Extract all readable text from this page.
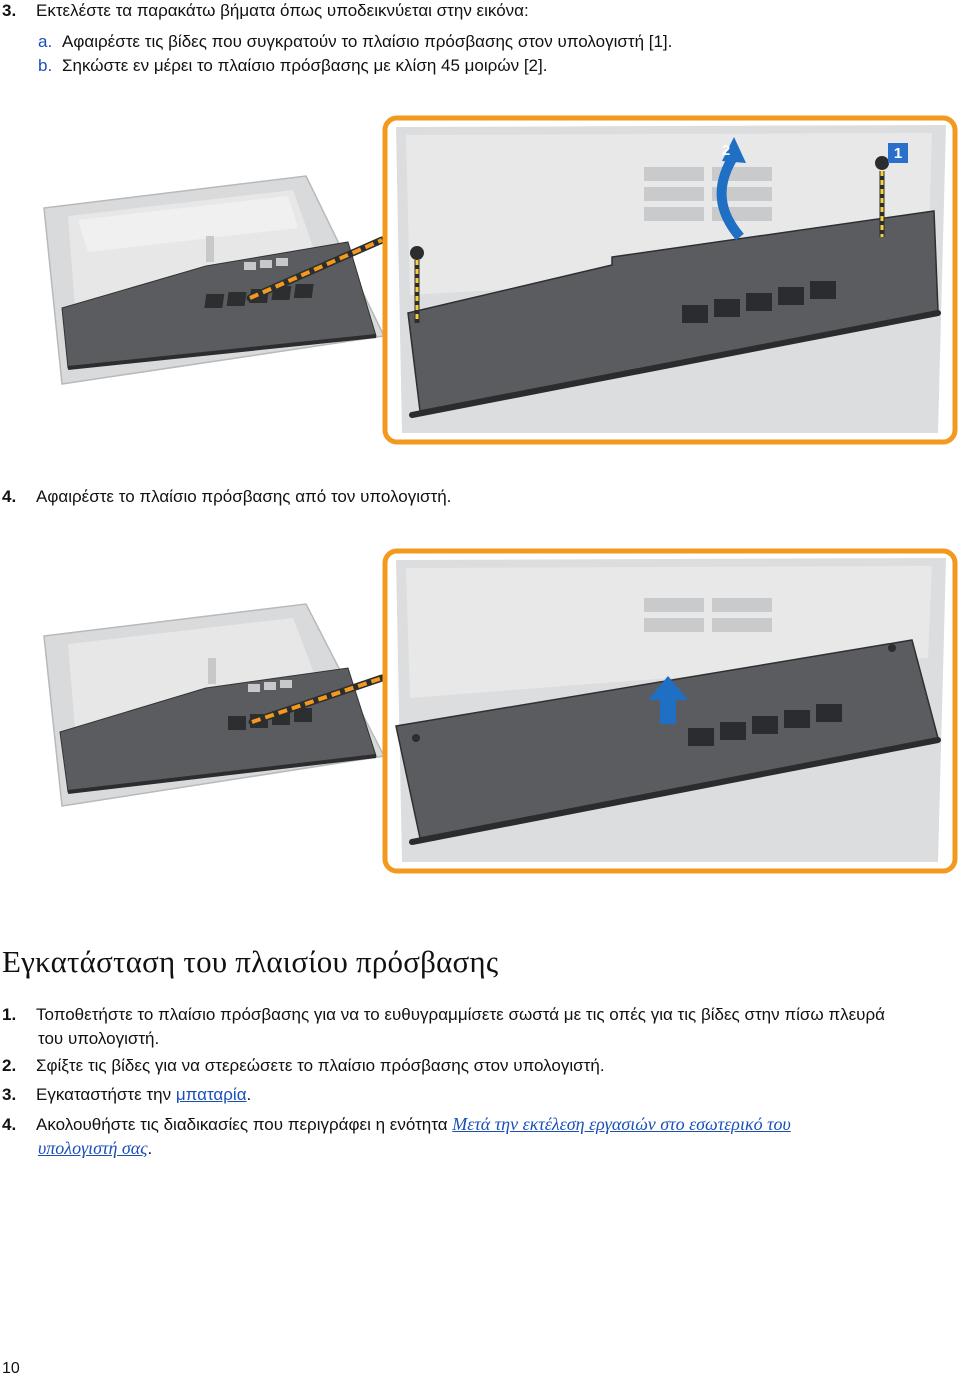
3. Εκτελέστε τα παρακάτω βήματα όπως υποδεικνύεται στην εικόνα:
a. Αφαιρέστε τις βίδες που συγκρατούν το πλαίσιο πρόσβασης στον υπολογιστή [1].
b. Σηκώστε εν μέρει το πλαίσιο πρόσβασης με κλίση 45 μοιρών [2].
1
2
4. Αφαιρέστε το πλαίσιο πρόσβασης από τον υπολογιστή.
Εγκατάσταση του πλαισίου πρόσβασης
1. Τοποθετήστε το πλαίσιο πρόσβασης για να το ευθυγραμμίσετε σωστά με τις οπές για τις βίδες στην πίσω πλευρά
του υπολογιστή.
2. Σφίξτε τις βίδες για να στερεώσετε το πλαίσιο πρόσβασης στον υπολογιστή.
3. Εγκαταστήστε την μπαταρία.
4. Ακολουθήστε τις διαδικασίες που περιγράφει η ενότητα Μετά την εκτέλεση εργασιών στο εσωτερικό του
υπολογιστή σας.
10
